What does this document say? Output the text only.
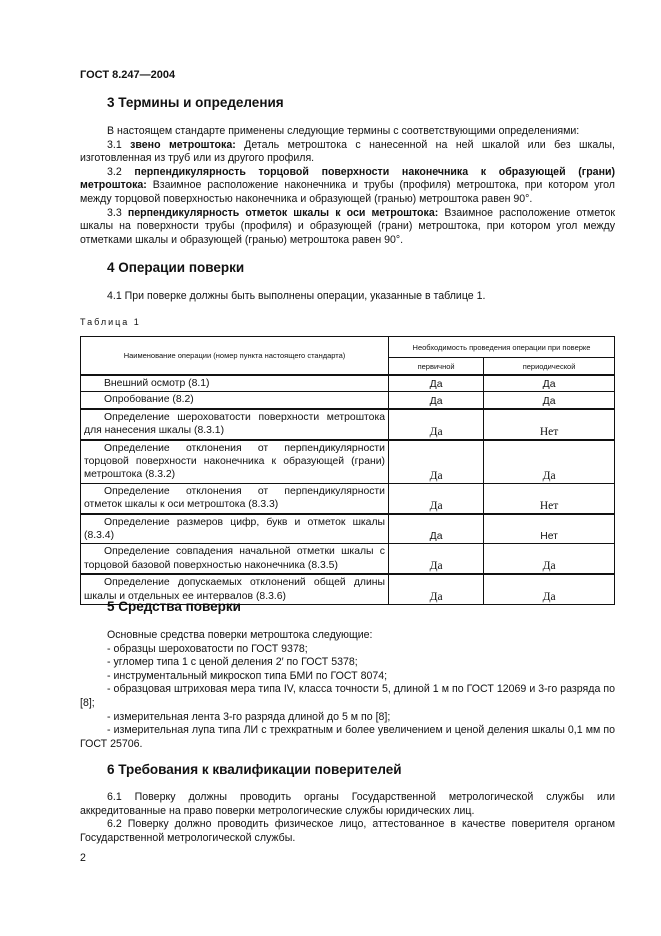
ГОСТ 8.247—2004
3 Термины и определения

В настоящем стандарте применены следующие термины с соответствующими определениями:

3.1 звено метроштока: Деталь метроштока с нанесенной на ней шкалой или без шкалы, изготовленная из труб или из другого профиля.

3.2 перпендикулярность торцовой поверхности наконечника к образующей (грани) метроштока: Взаимное расположение наконечника и трубы (профиля) метроштока, при котором угол между торцовой поверхностью наконечника и образующей (гранью) метроштока равен 90°.

3.3 перпендикулярность отметок шкалы к оси метроштока: Взаимное расположение отметок шкалы на поверхности трубы (профиля) и образующей (грани) метроштока, при котором угол между отметками шкалы и образующей (гранью) метроштока равен 90°.

4 Операции поверки

4.1 При поверке должны быть выполнены операции, указанные в таблице 1.

Таблица 1
Наименование операции (номер пункта настоящего стандарта)	Необходимость проведения операции при поверке	
	первичной	периодической
Внешний осмотр (8.1)	Да	Да
Опробование (8.2)	Да	Да
Определение шероховатости поверхности метроштока для нанесения шкалы (8.3.1)	Да	Нет
Определение отклонения от перпендикулярности торцовой поверхности наконечника к образующей (грани) метроштока (8.3.2)	Да	Да
Определение отклонения от перпендикулярности отметок шкалы к оси метроштока (8.3.3)	Да	Нет
Определение размеров цифр, букв и отметок шкалы (8.3.4)	Да	Нет
Определение совпадения начальной отметки шкалы с торцовой базовой поверхностью наконечника (8.3.5)	Да	Да
Определение допускаемых отклонений общей длины шкалы и отдельных ее интервалов (8.3.6)	Да	Да
5 Средства поверки

Основные средства поверки метроштока следующие:

- образцы шероховатости по ГОСТ 9378;

- угломер типа 1 с ценой деления 2′ по ГОСТ 5378;

- инструментальный микроскоп типа БМИ по ГОСТ 8074;

- образцовая штриховая мера типа IV, класса точности 5, длиной 1 м по ГОСТ 12069 и 3-го разряда по [8];

- измерительная лента 3-го разряда длиной до 5 м по [8];

- измерительная лупа типа ЛИ с трехкратным и более увеличением и ценой деления шкалы 0,1 мм по ГОСТ 25706.

6 Требования к квалификации поверителей

6.1 Поверку должны проводить органы Государственной метрологической службы или аккредитованные на право поверки метрологические службы юридических лиц.

6.2 Поверку должно проводить физическое лицо, аттестованное в качестве поверителя органом Государственной метрологической службы.

2
